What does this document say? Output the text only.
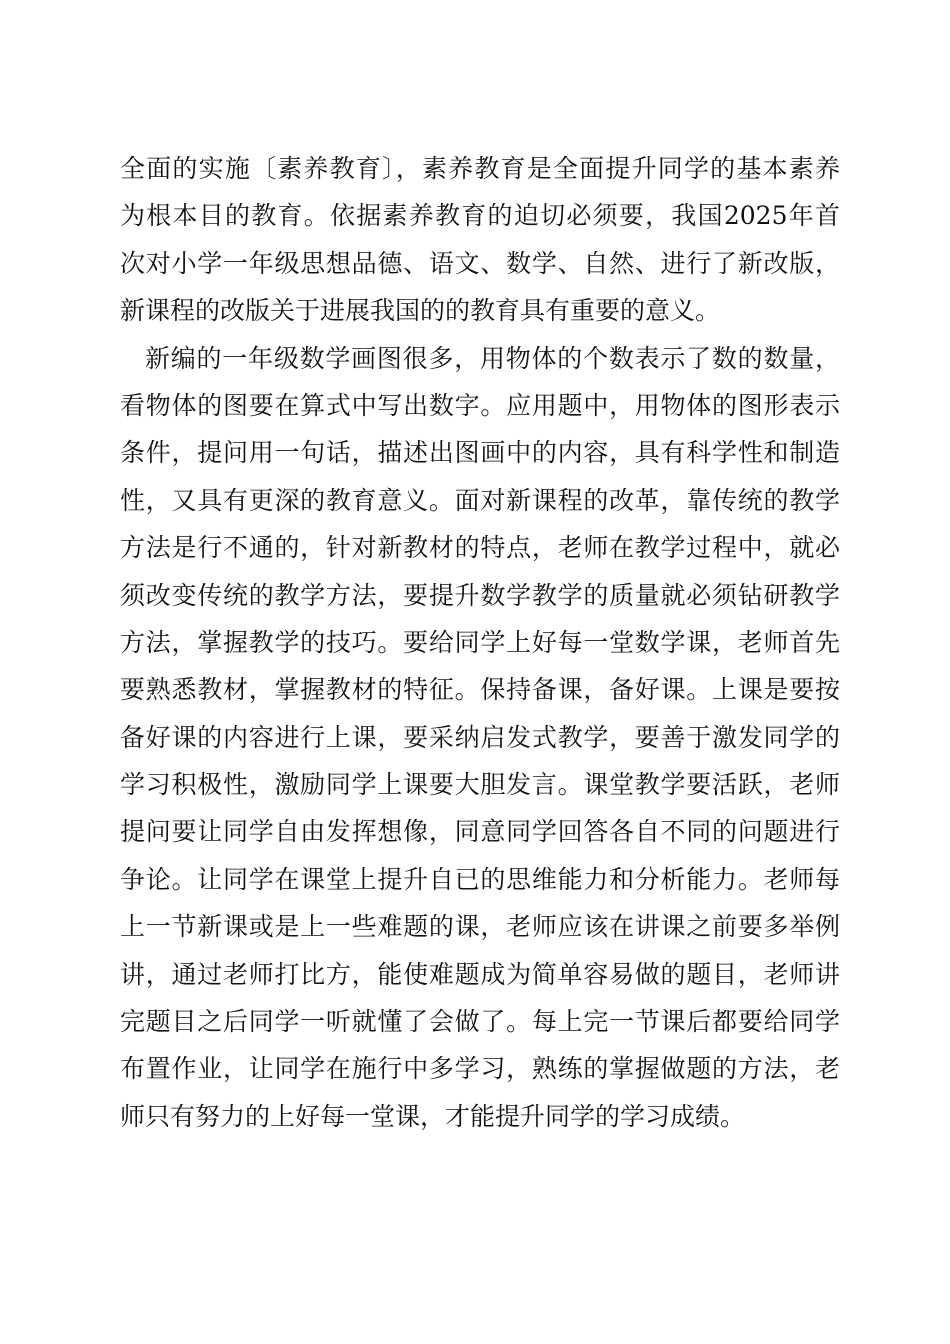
全面的实施〔素养教育〕，素养教育是全面提升同学的基本素养
为根本目的教育。依据素养教育的迫切必须要，我国2025年首
次对小学一年级思想品德、语文、数学、自然、进行了新改版，
新课程的改版关于进展我国的的教育具有重要的意义。
新编的一年级数学画图很多，用物体的个数表示了数的数量，
看物体的图要在算式中写出数字。应用题中，用物体的图形表示
条件，提问用一句话，描述出图画中的内容，具有科学性和制造
性，又具有更深的教育意义。面对新课程的改革，靠传统的教学
方法是行不通的，针对新教材的特点，老师在教学过程中，就必
须改变传统的教学方法，要提升数学教学的质量就必须钻研教学
方法，掌握教学的技巧。要给同学上好每一堂数学课，老师首先
要熟悉教材，掌握教材的特征。保持备课，备好课。上课是要按
备好课的内容进行上课，要采纳启发式教学，要善于激发同学的
学习积极性，激励同学上课要大胆发言。课堂教学要活跃，老师
提问要让同学自由发挥想像，同意同学回答各自不同的问题进行
争论。让同学在课堂上提升自已的思维能力和分析能力。老师每
上一节新课或是上一些难题的课，老师应该在讲课之前要多举例
讲，通过老师打比方，能使难题成为简单容易做的题目，老师讲
完题目之后同学一听就懂了会做了。每上完一节课后都要给同学
布置作业，让同学在施行中多学习，熟练的掌握做题的方法，老
师只有努力的上好每一堂课，才能提升同学的学习成绩。
